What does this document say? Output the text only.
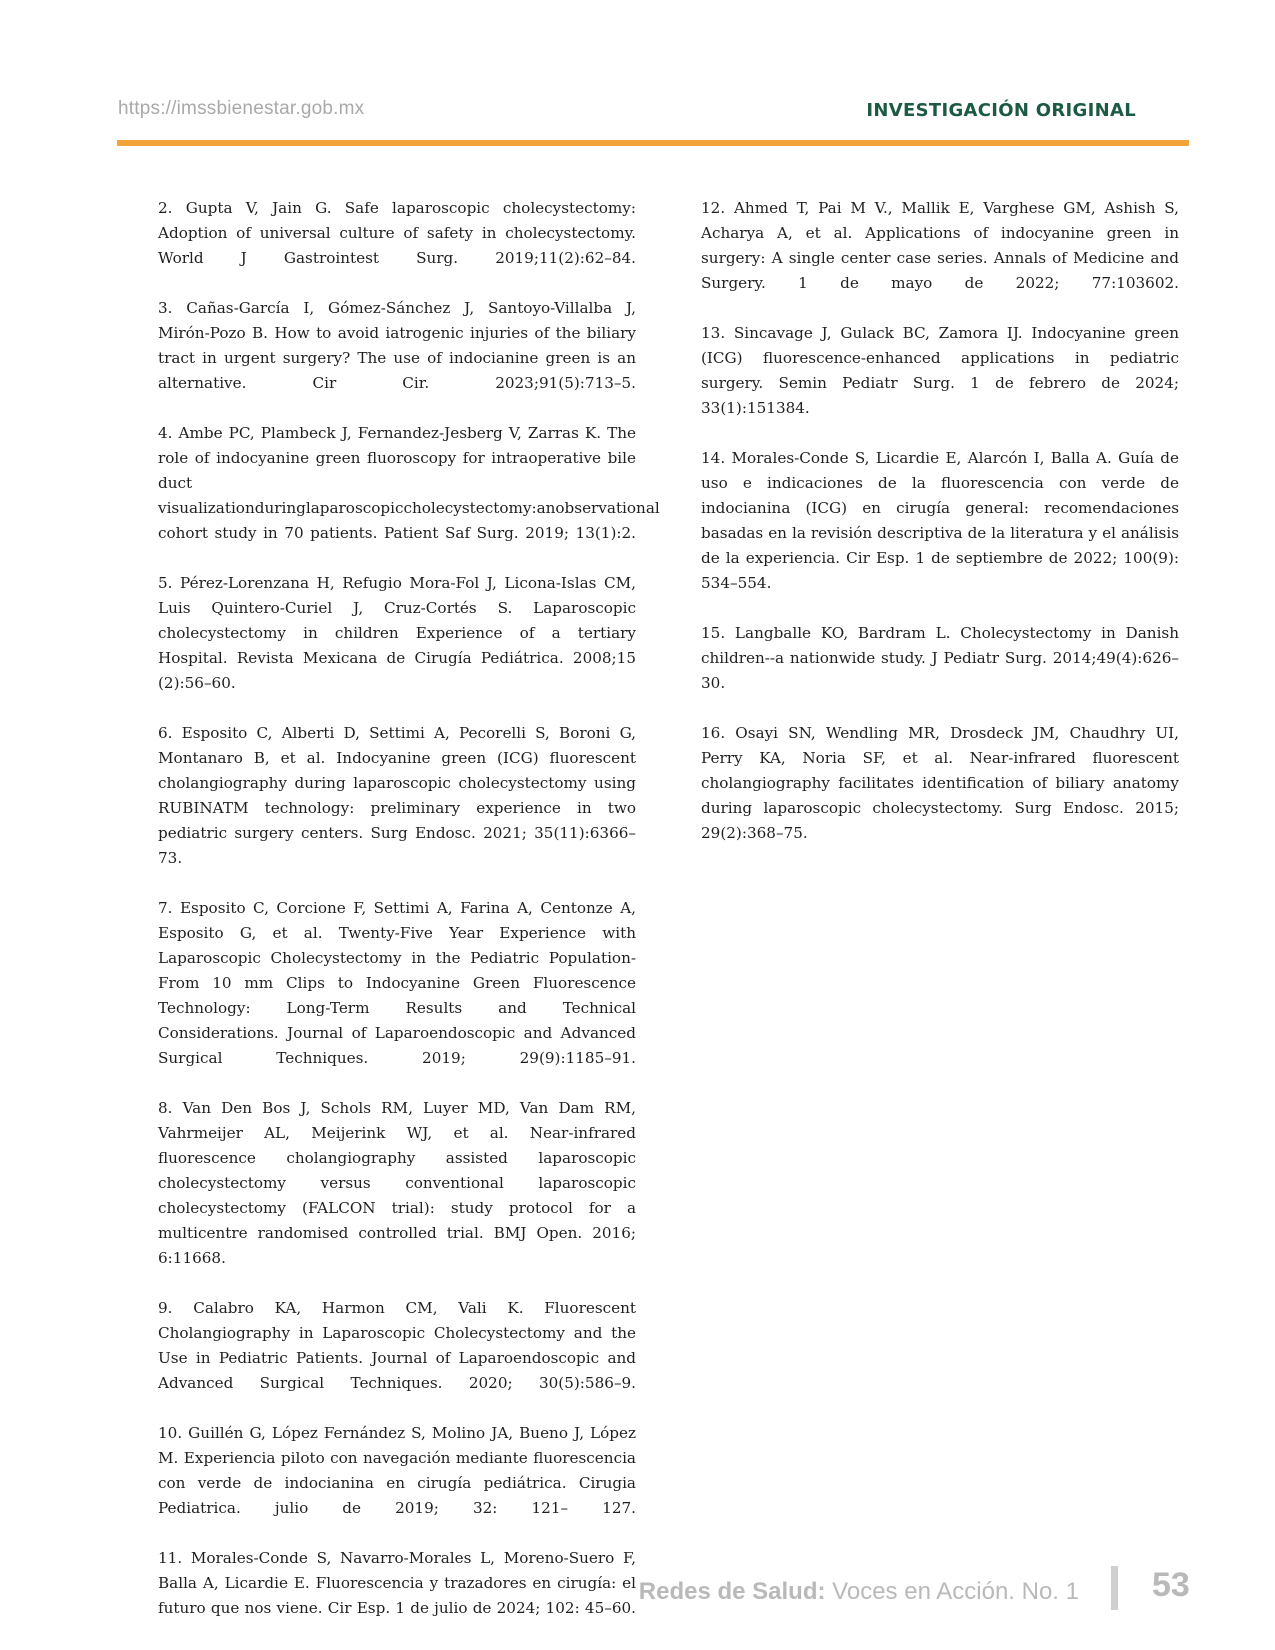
https://imssbienestar.gob.mx	INVESTIGACIÓN ORIGINAL

2. Gupta V, Jain G. Safe laparoscopic cholecystectomy: Adoption of universal culture of safety in cholecystectomy. World J Gastrointest Surg. 2019;11(2):62–84.

3. Cañas-García I, Gómez-Sánchez J, Santoyo-Villalba J, Mirón-Pozo B. How to avoid iatrogenic injuries of the biliary tract in urgent surgery? The use of indocianine green is an alternative. Cir Cir. 2023;91(5):713–5.

4. Ambe PC, Plambeck J, Fernandez-Jesberg V, Zarras K. The role of indocyanine green fluoroscopy for intraoperative bile duct visualizationduringlaparoscopiccholecystectomy:anobservational cohort study in 70 patients. Patient Saf Surg. 2019; 13(1):2.

5. Pérez-Lorenzana H, Refugio Mora-Fol J, Licona-Islas CM, Luis Quintero-Curiel J, Cruz-Cortés S. Laparoscopic cholecystectomy in children Experience of a tertiary Hospital. Revista Mexicana de Cirugía Pediátrica. 2008;15 (2):56–60.

6. Esposito C, Alberti D, Settimi A, Pecorelli S, Boroni G, Montanaro B, et al. Indocyanine green (ICG) fluorescent cholangiography during laparoscopic cholecystectomy using RUBINATM technology: preliminary experience in two pediatric surgery centers. Surg Endosc. 2021; 35(11):6366–73.

7. Esposito C, Corcione F, Settimi A, Farina A, Centonze A, Esposito G, et al. Twenty-Five Year Experience with Laparoscopic Cholecystectomy in the Pediatric Population-From 10 mm Clips to Indocyanine Green Fluorescence Technology: Long-Term Results and Technical Considerations. Journal of Laparoendoscopic and Advanced Surgical Techniques. 2019; 29(9):1185–91.

8. Van Den Bos J, Schols RM, Luyer MD, Van Dam RM, Vahrmeijer AL, Meijerink WJ, et al. Near-infrared fluorescence cholangiography assisted laparoscopic cholecystectomy versus conventional laparoscopic cholecystectomy (FALCON trial): study protocol for a multicentre randomised controlled trial. BMJ Open. 2016; 6:11668.

9. Calabro KA, Harmon CM, Vali K. Fluorescent Cholangiography in Laparoscopic Cholecystectomy and the Use in Pediatric Patients. Journal of Laparoendoscopic and Advanced Surgical Techniques. 2020; 30(5):586–9.

10. Guillén G, López Fernández S, Molino JA, Bueno J, López M. Experiencia piloto con navegación mediante fluorescencia con verde de indocianina en cirugía pediátrica. Cirugia Pediatrica. julio de 2019; 32: 121– 127.

11. Morales-Conde S, Navarro-Morales L, Moreno-Suero F, Balla A, Licardie E. Fluorescencia y trazadores en cirugía: el futuro que nos viene. Cir Esp. 1 de julio de 2024; 102: 45–60.

12. Ahmed T, Pai M V., Mallik E, Varghese GM, Ashish S, Acharya A, et al. Applications of indocyanine green in surgery: A single center case series. Annals of Medicine and Surgery. 1 de mayo de 2022; 77:103602.

13. Sincavage J, Gulack BC, Zamora IJ. Indocyanine green (ICG) fluorescence-enhanced applications in pediatric surgery. Semin Pediatr Surg. 1 de febrero de 2024; 33(1):151384.

14. Morales-Conde S, Licardie E, Alarcón I, Balla A. Guía de uso e indicaciones de la fluorescencia con verde de indocianina (ICG) en cirugía general: recomendaciones basadas en la revisión descriptiva de la literatura y el análisis de la experiencia. Cir Esp. 1 de septiembre de 2022; 100(9): 534–554.

15. Langballe KO, Bardram L. Cholecystectomy in Danish children--a nationwide study. J Pediatr Surg. 2014;49(4):626–30.

16. Osayi SN, Wendling MR, Drosdeck JM, Chaudhry UI, Perry KA, Noria SF, et al. Near-infrared fluorescent cholangiography facilitates identification of biliary anatomy during laparoscopic cholecystectomy. Surg Endosc. 2015; 29(2):368–75.

Redes de Salud: Voces en Acción. No. 1 53
